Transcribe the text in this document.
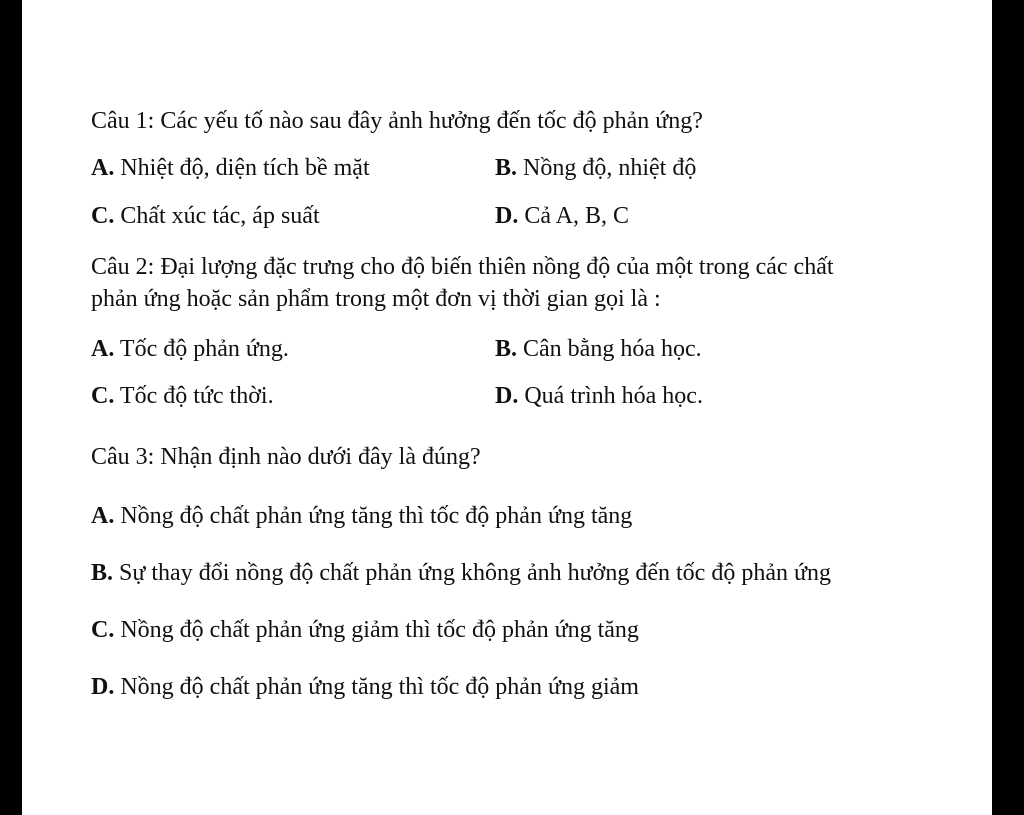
Câu 1: Các yếu tố nào sau đây ảnh hưởng đến tốc độ phản ứng?
A. Nhiệt độ, diện tích bề mặt	B. Nồng độ, nhiệt độ
C. Chất xúc tác, áp suất	D. Cả A, B, C
Câu 2: Đại lượng đặc trưng cho độ biến thiên nồng độ của một trong các chất
phản ứng hoặc sản phẩm trong một đơn vị thời gian gọi là :
A. Tốc độ phản ứng.	B. Cân bằng hóa học.
C. Tốc độ tức thời.	D. Quá trình hóa học.
Câu 3: Nhận định nào dưới đây là đúng?
A. Nồng độ chất phản ứng tăng thì tốc độ phản ứng tăng
B. Sự thay đổi nồng độ chất phản ứng không ảnh hưởng đến tốc độ phản ứng
C. Nồng độ chất phản ứng giảm thì tốc độ phản ứng tăng
D. Nồng độ chất phản ứng tăng thì tốc độ phản ứng giảm
